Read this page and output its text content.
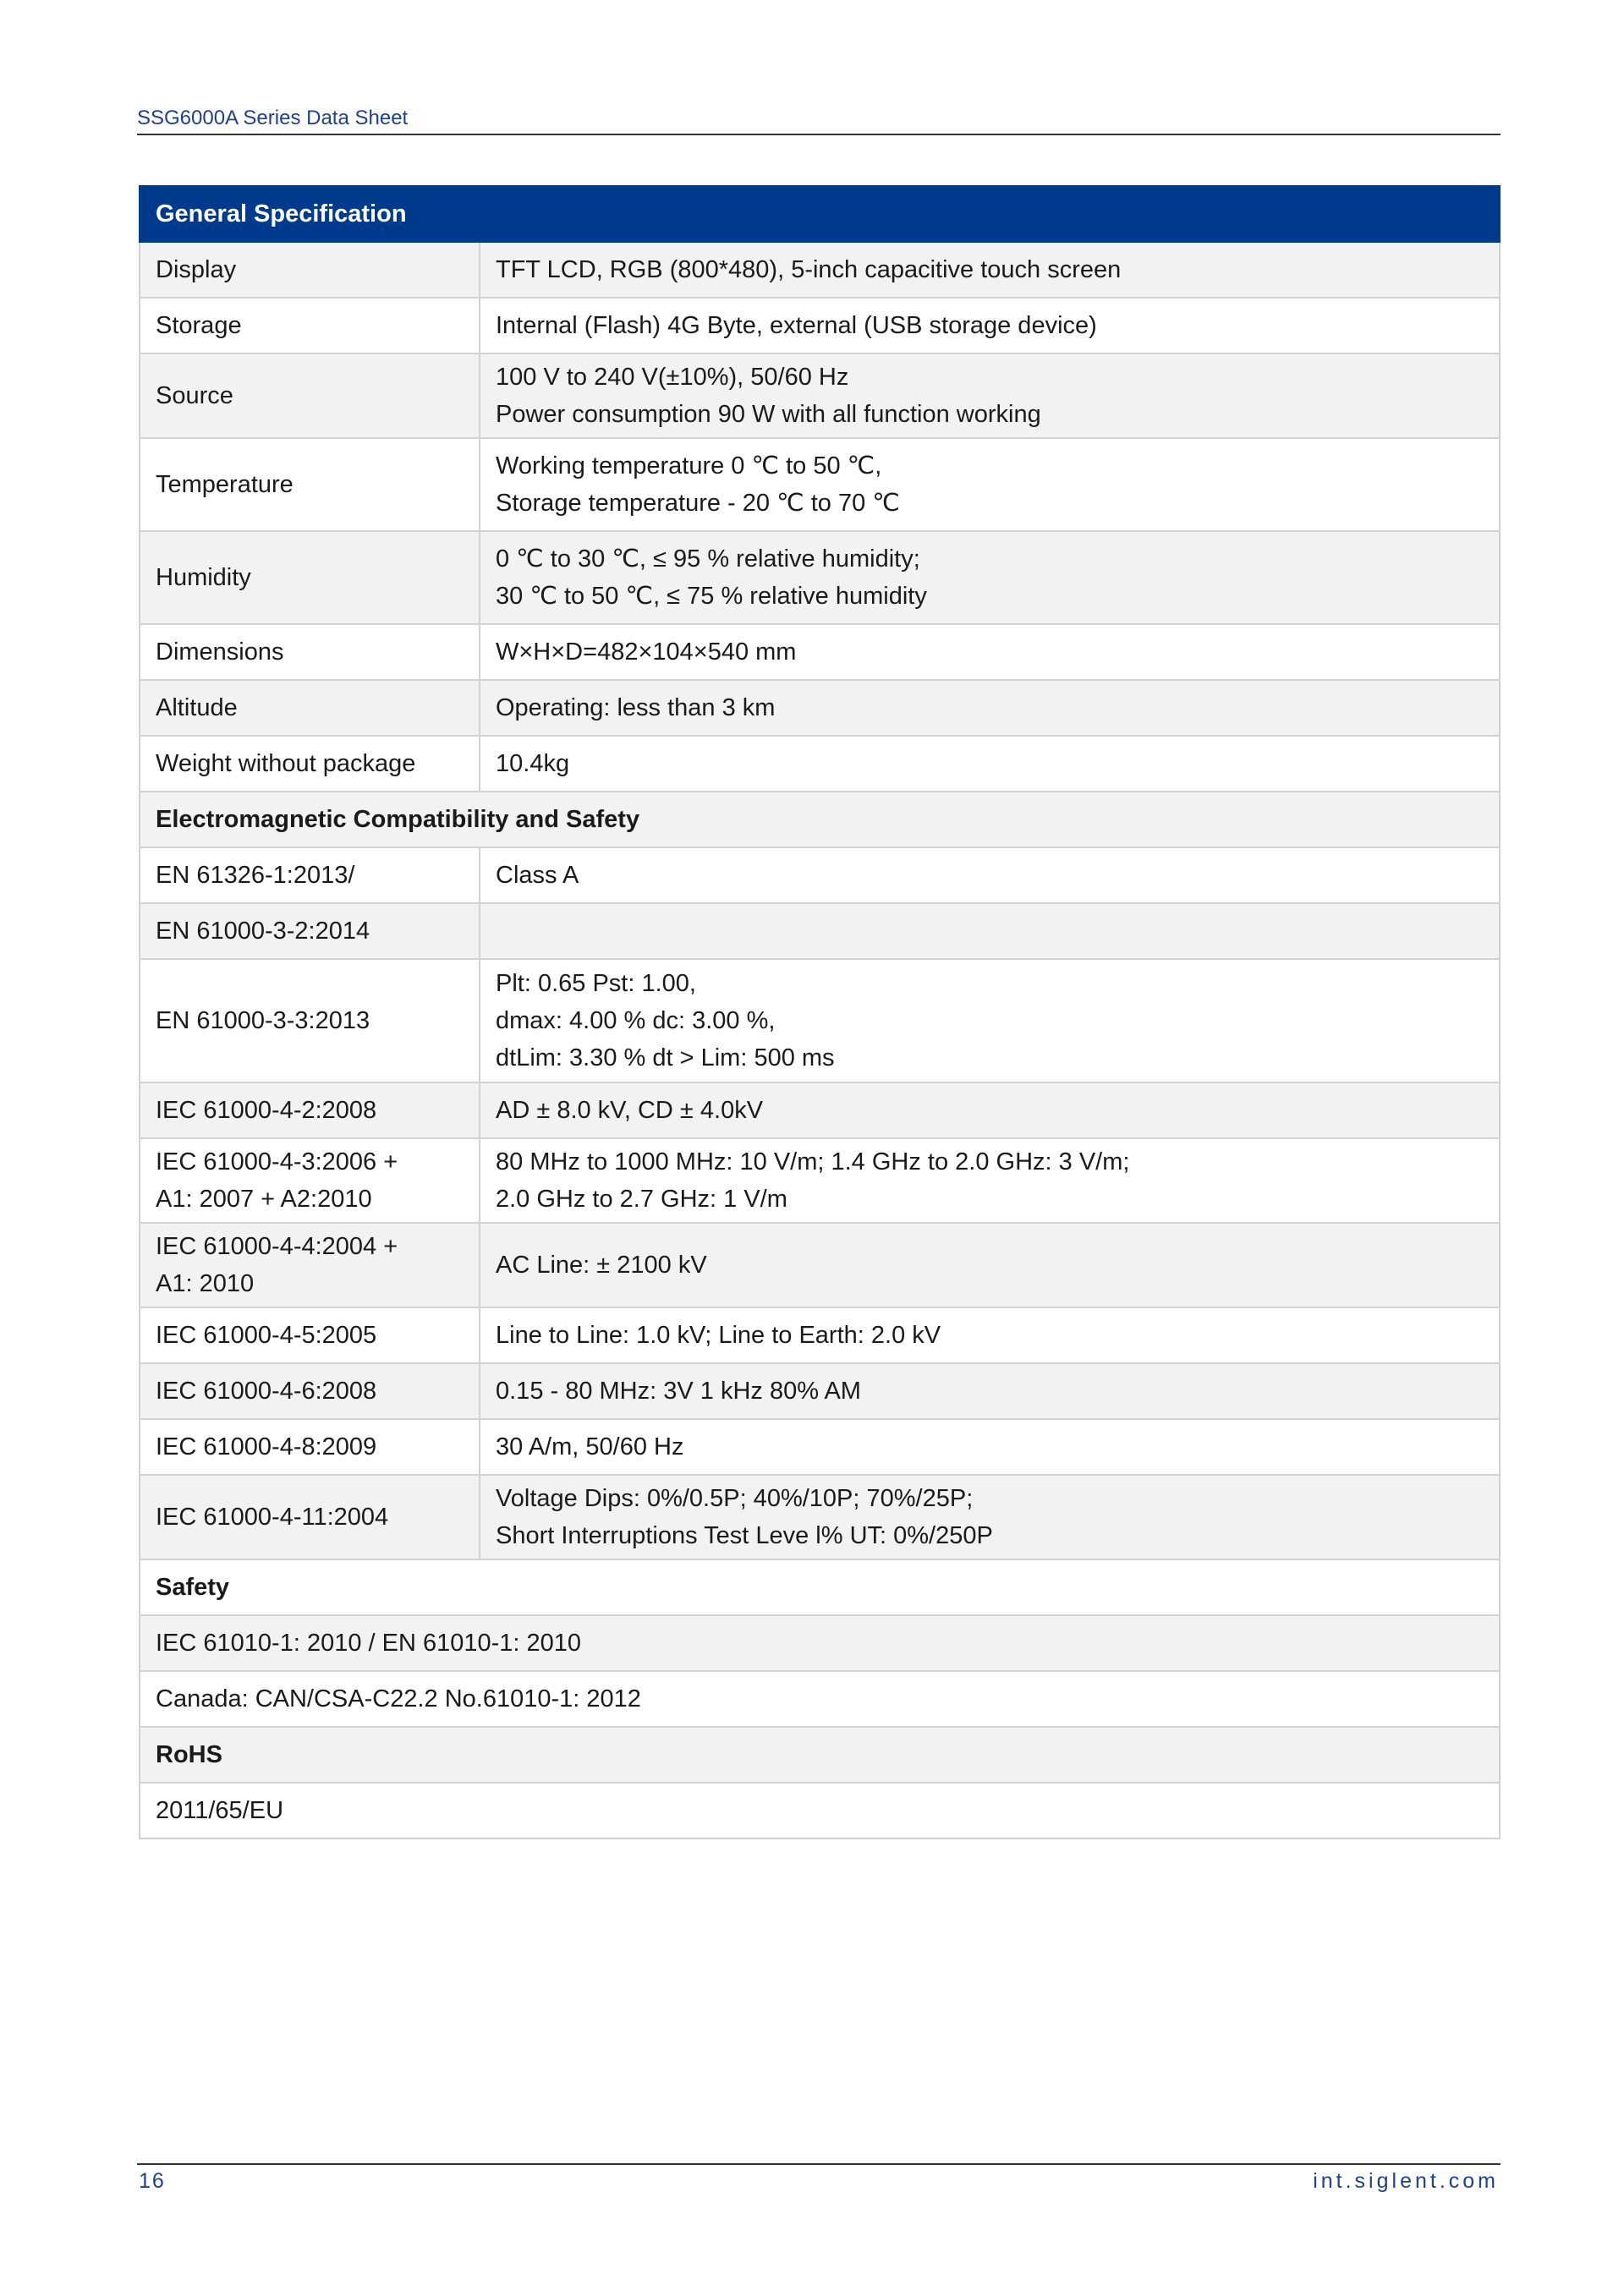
SSG6000A Series Data Sheet
General Specification	

Display	TFT LCD, RGB (800*480), 5-inch capacitive touch screen

Storage	Internal (Flash) 4G Byte, external (USB storage device)

Source	100 V to 240 V(±10%), 50/60 Hz
Power consumption 90 W with all function working

Temperature	Working temperature 0 ℃ to 50 ℃,
Storage temperature - 20 ℃ to 70 ℃

Humidity	0 ℃ to 30 ℃, ≤ 95 % relative humidity;
30 ℃ to 50 ℃, ≤ 75 % relative humidity

Dimensions	W×H×D=482×104×540 mm

Altitude	Operating: less than 3 km

Weight without package	10.4kg

Electromagnetic Compatibility and Safety	

EN 61326-1:2013/	Class A

EN 61000-3-2:2014	

EN 61000-3-3:2013	Plt: 0.65 Pst: 1.00,
dmax: 4.00 % dc: 3.00 %,
dtLim: 3.30 % dt > Lim: 500 ms

IEC 61000-4-2:2008	AD ± 8.0 kV, CD ± 4.0kV

IEC 61000-4-3:2006 +
A1: 2007 + A2:2010	80 MHz to 1000 MHz: 10 V/m; 1.4 GHz to 2.0 GHz: 3 V/m;
2.0 GHz to 2.7 GHz: 1 V/m

IEC 61000-4-4:2004 +
A1: 2010	AC Line: ± 2100 kV

IEC 61000-4-5:2005	Line to Line: 1.0 kV; Line to Earth: 2.0 kV

IEC 61000-4-6:2008	0.15 - 80 MHz: 3V 1 kHz 80% AM

IEC 61000-4-8:2009	30 A/m, 50/60 Hz

IEC 61000-4-11:2004	Voltage Dips: 0%/0.5P; 40%/10P; 70%/25P;
Short Interruptions Test Leve l% UT: 0%/250P

Safety	

IEC 61010-1: 2010 / EN 61010-1: 2010	

Canada: CAN/CSA-C22.2 No.61010-1: 2012	

RoHS	

2011/65/EU	
16	int.siglent.com
